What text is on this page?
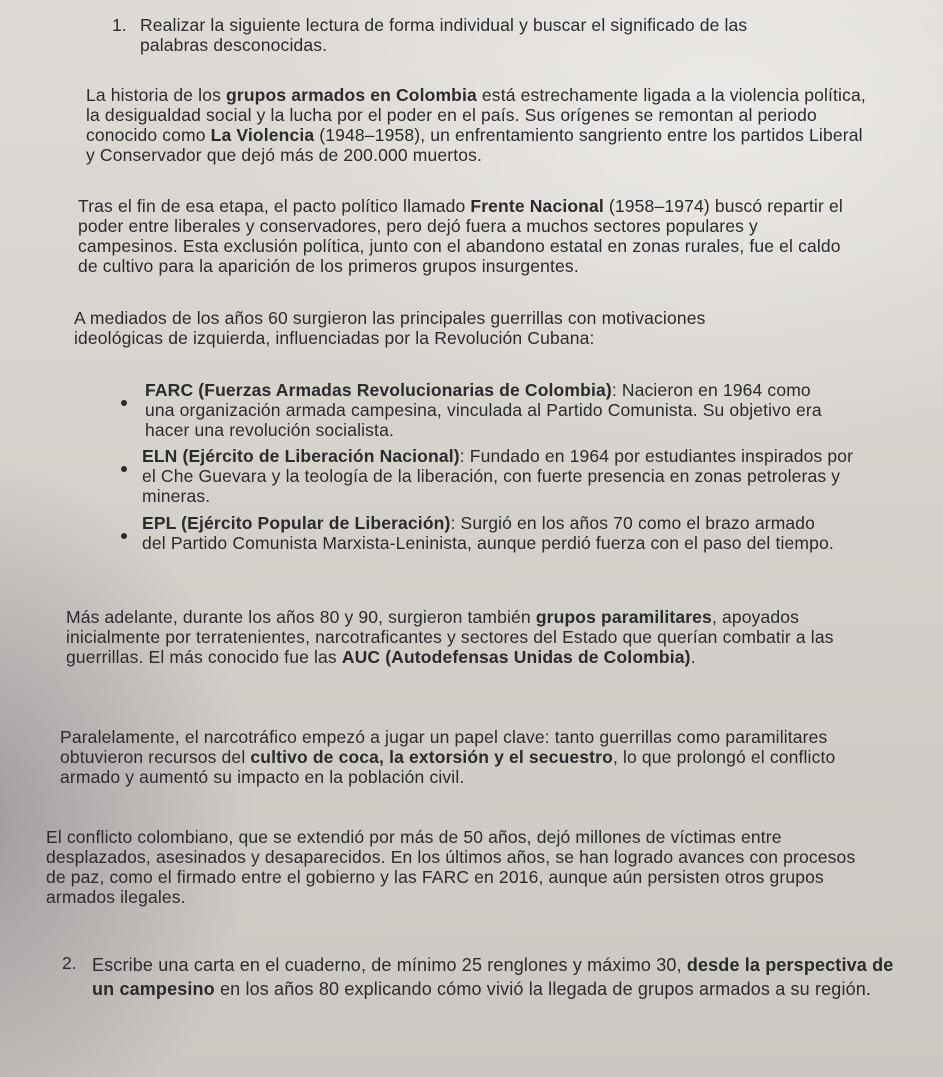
1. Realizar la siguiente lectura de forma individual y buscar el significado de las palabras desconocidas.

La historia de los grupos armados en Colombia está estrechamente ligada a la violencia política, la desigualdad social y la lucha por el poder en el país. Sus orígenes se remontan al periodo conocido como La Violencia (1948–1958), un enfrentamiento sangriento entre los partidos Liberal y Conservador que dejó más de 200.000 muertos.

Tras el fin de esa etapa, el pacto político llamado Frente Nacional (1958–1974) buscó repartir el poder entre liberales y conservadores, pero dejó fuera a muchos sectores populares y campesinos. Esta exclusión política, junto con el abandono estatal en zonas rurales, fue el caldo de cultivo para la aparición de los primeros grupos insurgentes.

A mediados de los años 60 surgieron las principales guerrillas con motivaciones ideológicas de izquierda, influenciadas por la Revolución Cubana:

FARC (Fuerzas Armadas Revolucionarias de Colombia): Nacieron en 1964 como una organización armada campesina, vinculada al Partido Comunista. Su objetivo era hacer una revolución socialista.

ELN (Ejército de Liberación Nacional): Fundado en 1964 por estudiantes inspirados por el Che Guevara y la teología de la liberación, con fuerte presencia en zonas petroleras y mineras.

EPL (Ejército Popular de Liberación): Surgió en los años 70 como el brazo armado del Partido Comunista Marxista-Leninista, aunque perdió fuerza con el paso del tiempo.

Más adelante, durante los años 80 y 90, surgieron también grupos paramilitares, apoyados inicialmente por terratenientes, narcotraficantes y sectores del Estado que querían combatir a las guerrillas. El más conocido fue las AUC (Autodefensas Unidas de Colombia).

Paralelamente, el narcotráfico empezó a jugar un papel clave: tanto guerrillas como paramilitares obtuvieron recursos del cultivo de coca, la extorsión y el secuestro, lo que prolongó el conflicto armado y aumentó su impacto en la población civil.

El conflicto colombiano, que se extendió por más de 50 años, dejó millones de víctimas entre desplazados, asesinados y desaparecidos. En los últimos años, se han logrado avances con procesos de paz, como el firmado entre el gobierno y las FARC en 2016, aunque aún persisten otros grupos armados ilegales.

2. Escribe una carta en el cuaderno, de mínimo 25 renglones y máximo 30, desde la perspectiva de un campesino en los años 80 explicando cómo vivió la llegada de grupos armados a su región.
